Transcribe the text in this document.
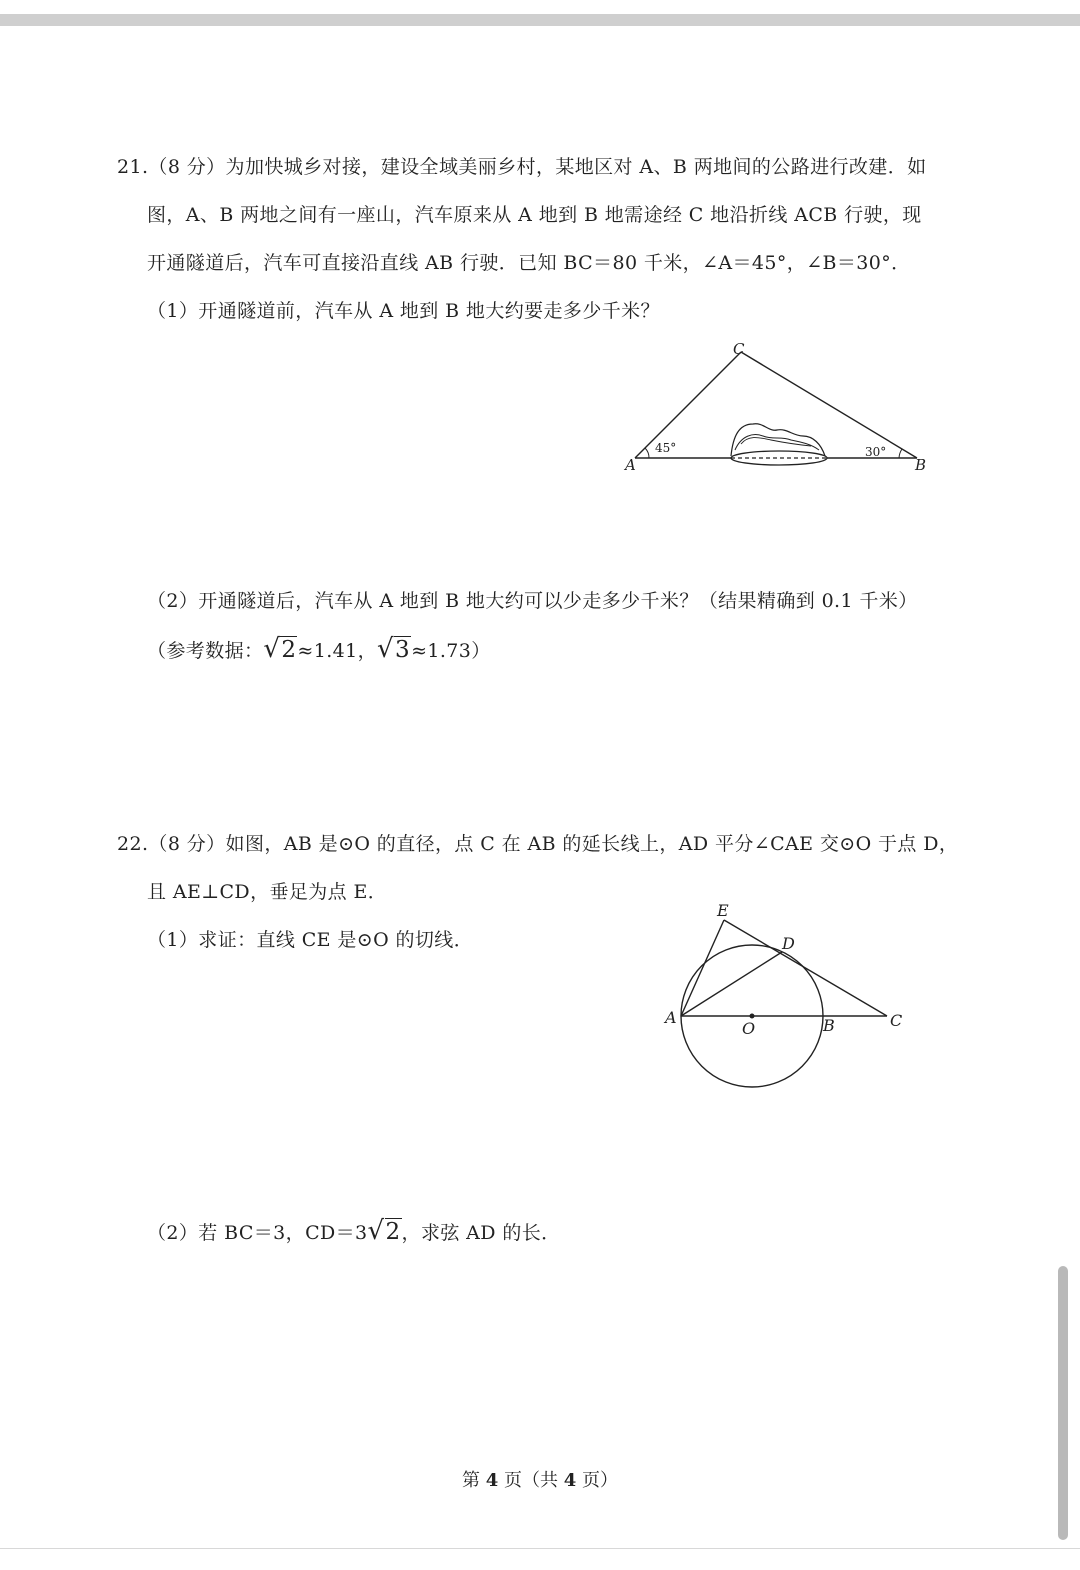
21.（8 分）为加快城乡对接，建设全域美丽乡村，某地区对 A、B 两地间的公路进行改建．如
图，A、B 两地之间有一座山，汽车原来从 A 地到 B 地需途经 C 地沿折线 ACB 行驶，现
开通隧道后，汽车可直接沿直线 AB 行驶．已知 BC＝80 千米，∠A＝45°，∠B＝30°．
（1）开通隧道前，汽车从 A 地到 B 地大约要走多少千米？
C
A	B
45°	30°
（2）开通隧道后，汽车从 A 地到 B 地大约可以少走多少千米？（结果精确到 0.1 千米）
（参考数据：√2≈1.41，√3≈1.73）
22.（8 分）如图，AB 是⊙O 的直径，点 C 在 AB 的延长线上，AD 平分∠CAE 交⊙O 于点 D，
且 AE⊥CD，垂足为点 E．
（1）求证：直线 CE 是⊙O 的切线．
E
D
A
O	B	C
（2）若 BC＝3，CD＝3√2，求弦 AD 的长．
第 4 页（共 4 页）
